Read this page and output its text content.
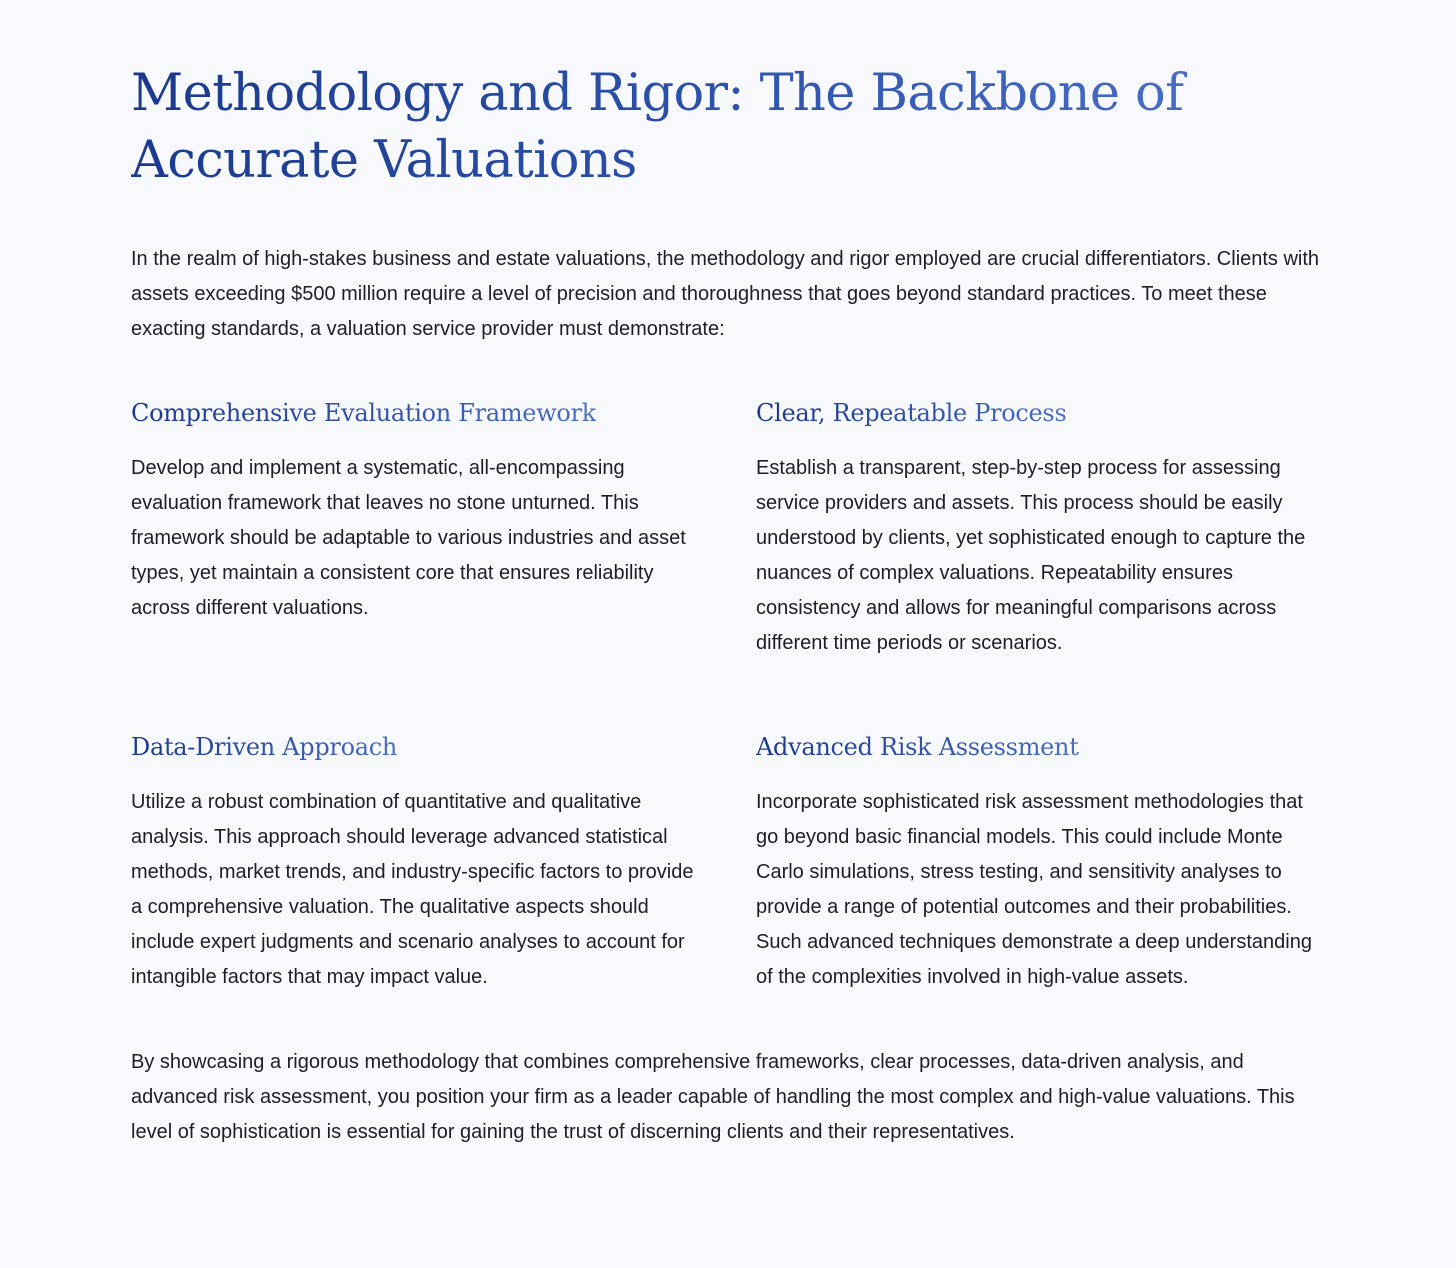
Methodology and Rigor: The Backbone of Accurate Valuations

In the realm of high-stakes business and estate valuations, the methodology and rigor employed are crucial differentiators. Clients with assets exceeding $500 million require a level of precision and thoroughness that goes beyond standard practices. To meet these exacting standards, a valuation service provider must demonstrate:

Comprehensive Evaluation Framework

Develop and implement a systematic, all-encompassing evaluation framework that leaves no stone unturned. This framework should be adaptable to various industries and asset types, yet maintain a consistent core that ensures reliability across different valuations.

Clear, Repeatable Process

Establish a transparent, step-by-step process for assessing service providers and assets. This process should be easily understood by clients, yet sophisticated enough to capture the nuances of complex valuations. Repeatability ensures consistency and allows for meaningful comparisons across different time periods or scenarios.

Data-Driven Approach

Utilize a robust combination of quantitative and qualitative analysis. This approach should leverage advanced statistical methods, market trends, and industry-specific factors to provide a comprehensive valuation. The qualitative aspects should include expert judgments and scenario analyses to account for intangible factors that may impact value.

Advanced Risk Assessment

Incorporate sophisticated risk assessment methodologies that go beyond basic financial models. This could include Monte Carlo simulations, stress testing, and sensitivity analyses to provide a range of potential outcomes and their probabilities. Such advanced techniques demonstrate a deep understanding of the complexities involved in high-value assets.

By showcasing a rigorous methodology that combines comprehensive frameworks, clear processes, data-driven analysis, and advanced risk assessment, you position your firm as a leader capable of handling the most complex and high-value valuations. This level of sophistication is essential for gaining the trust of discerning clients and their representatives.
